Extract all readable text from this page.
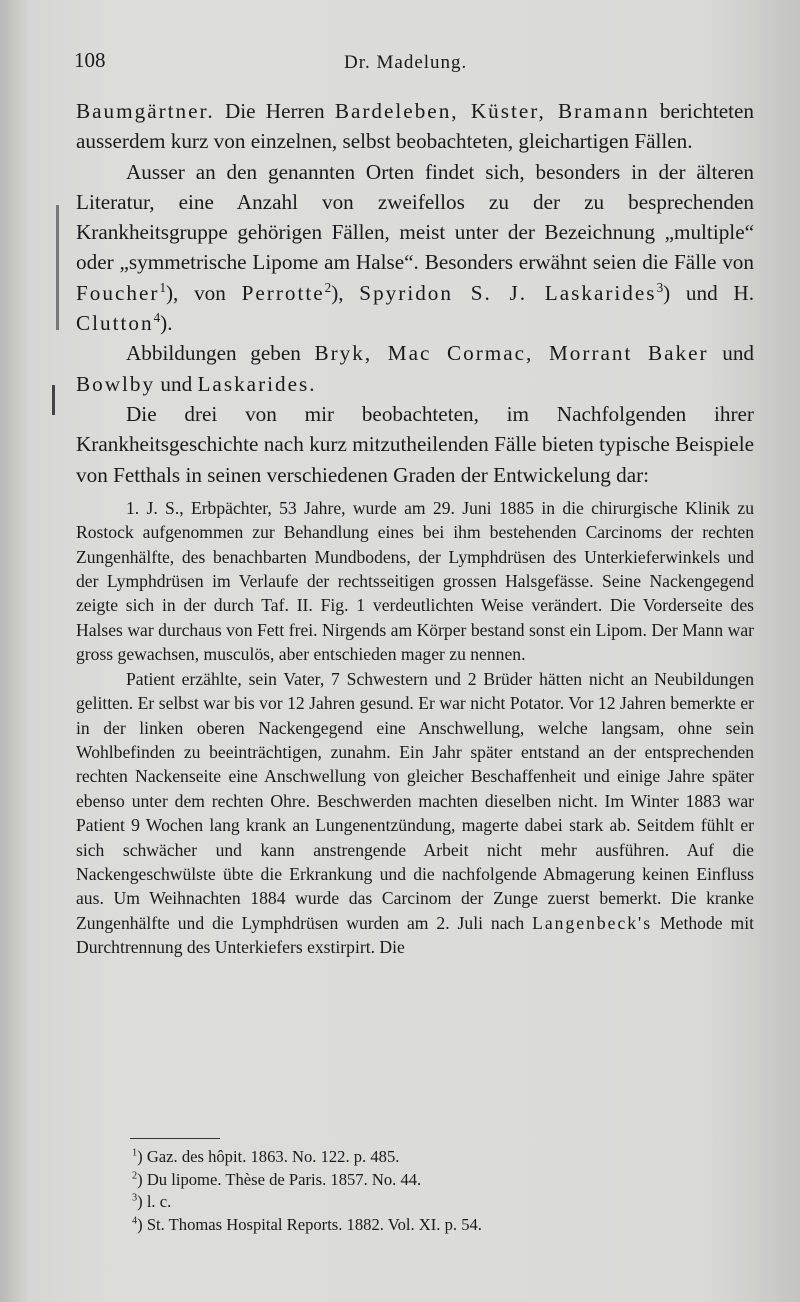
108	Dr. Madelung.

Baumgärtner. Die Herren Bardeleben, Küster, Bramann berichteten ausserdem kurz von einzelnen, selbst beobachteten, gleichartigen Fällen.

Ausser an den genannten Orten findet sich, besonders in der älteren Literatur, eine Anzahl von zweifellos zu der zu besprechenden Krankheitsgruppe gehörigen Fällen, meist unter der Bezeichnung „multiple“ oder „symmetrische Lipome am Halse“. Besonders erwähnt seien die Fälle von Foucher$^1$), von Perrotte$^2$), Spyridon S. J. Laskarides$^3$) und H. Clutton$^4$).

Abbildungen geben Bryk, Mac Cormac, Morrant Baker und Bowlby und Laskarides.

Die drei von mir beobachteten, im Nachfolgenden ihrer Krankheitsgeschichte nach kurz mitzutheilenden Fälle bieten typische Beispiele von Fetthals in seinen verschiedenen Graden der Entwickelung dar:

1. J. S., Erbpächter, 53 Jahre, wurde am 29. Juni 1885 in die chirurgische Klinik zu Rostock aufgenommen zur Behandlung eines bei ihm bestehenden Carcinoms der rechten Zungenhälfte, des benachbarten Mundbodens, der Lymphdrüsen des Unterkieferwinkels und der Lymphdrüsen im Verlaufe der rechtsseitigen grossen Halsgefässe. Seine Nackengegend zeigte sich in der durch Taf. II. Fig. 1 verdeutlichten Weise verändert. Die Vorderseite des Halses war durchaus von Fett frei. Nirgends am Körper bestand sonst ein Lipom. Der Mann war gross gewachsen, musculös, aber entschieden mager zu nennen.

Patient erzählte, sein Vater, 7 Schwestern und 2 Brüder hätten nicht an Neubildungen gelitten. Er selbst war bis vor 12 Jahren gesund. Er war nicht Potator. Vor 12 Jahren bemerkte er in der linken oberen Nackengegend eine Anschwellung, welche langsam, ohne sein Wohlbefinden zu beeinträchtigen, zunahm. Ein Jahr später entstand an der entsprechenden rechten Nackenseite eine Anschwellung von gleicher Beschaffenheit und einige Jahre später ebenso unter dem rechten Ohre. Beschwerden machten dieselben nicht. Im Winter 1883 war Patient 9 Wochen lang krank an Lungenentzündung, magerte dabei stark ab. Seitdem fühlt er sich schwächer und kann anstrengende Arbeit nicht mehr ausführen. Auf die Nackengeschwülste übte die Erkrankung und die nachfolgende Abmagerung keinen Einfluss aus. Um Weihnachten 1884 wurde das Carcinom der Zunge zuerst bemerkt. Die kranke Zungenhälfte und die Lymphdrüsen wurden am 2. Juli nach Langenbeck's Methode mit Durchtrennung des Unterkiefers exstirpirt. Die

$^1$) Gaz. des hôpit. 1863. No. 122. p. 485.
$^2$) Du lipome. Thèse de Paris. 1857. No. 44.
$^3$) l. c.
$^4$) St. Thomas Hospital Reports. 1882. Vol. XI. p. 54.
